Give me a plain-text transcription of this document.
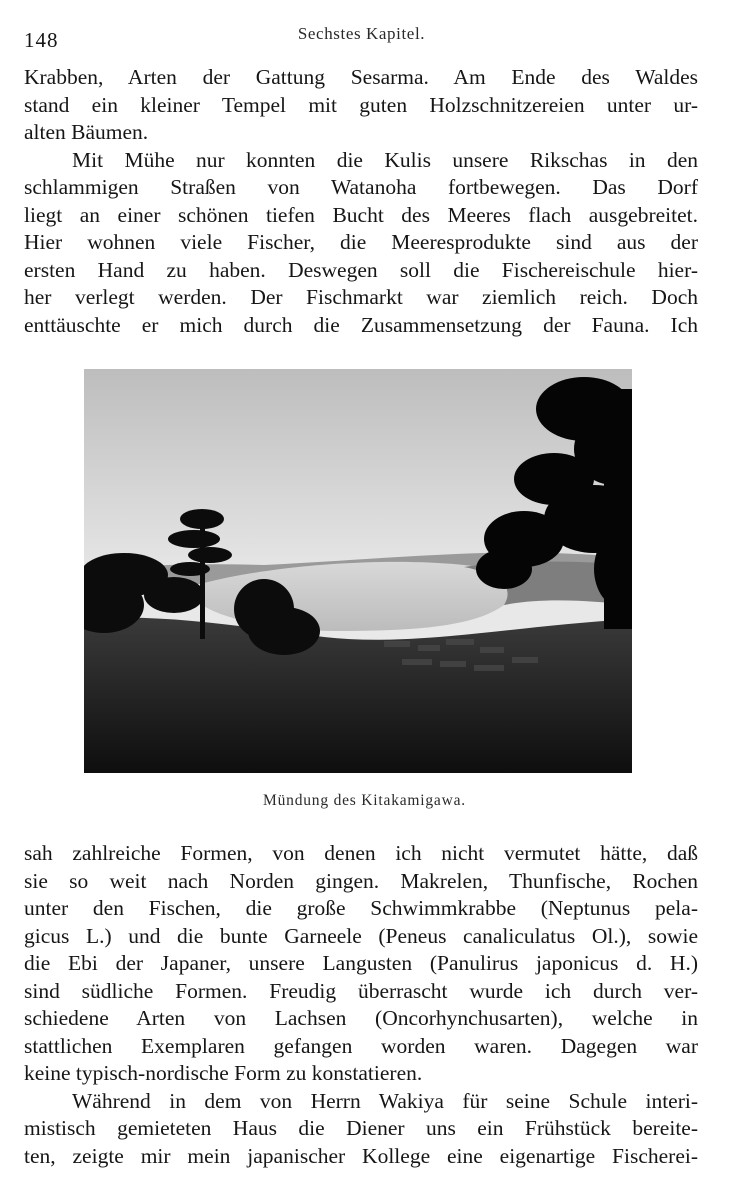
148	Sechstes Kapitel.
Krabben, Arten der Gattung Sesarma. Am Ende des Waldes
stand ein kleiner Tempel mit guten Holzschnitzereien unter ur-
alten Bäumen.
Mit Mühe nur konnten die Kulis unsere Rikschas in den
schlammigen Straßen von Watanoha fortbewegen. Das Dorf
liegt an einer schönen tiefen Bucht des Meeres flach ausgebreitet.
Hier wohnen viele Fischer, die Meeresprodukte sind aus der
ersten Hand zu haben. Deswegen soll die Fischereischule hier-
her verlegt werden. Der Fischmarkt war ziemlich reich. Doch
enttäuschte er mich durch die Zusammensetzung der Fauna. Ich
Mündung des Kitakamigawa.
sah zahlreiche Formen, von denen ich nicht vermutet hätte, daß
sie so weit nach Norden gingen. Makrelen, Thunfische, Rochen
unter den Fischen, die große Schwimmkrabbe (Neptunus pela-
gicus L.) und die bunte Garneele (Peneus canaliculatus Ol.), sowie
die Ebi der Japaner, unsere Langusten (Panulirus japonicus d. H.)
sind südliche Formen. Freudig überrascht wurde ich durch ver-
schiedene Arten von Lachsen (Oncorhynchusarten), welche in
stattlichen Exemplaren gefangen worden waren. Dagegen war
keine typisch-nordische Form zu konstatieren.
Während in dem von Herrn Wakiya für seine Schule interi-
mistisch gemieteten Haus die Diener uns ein Frühstück bereite-
ten, zeigte mir mein japanischer Kollege eine eigenartige Fischerei-
